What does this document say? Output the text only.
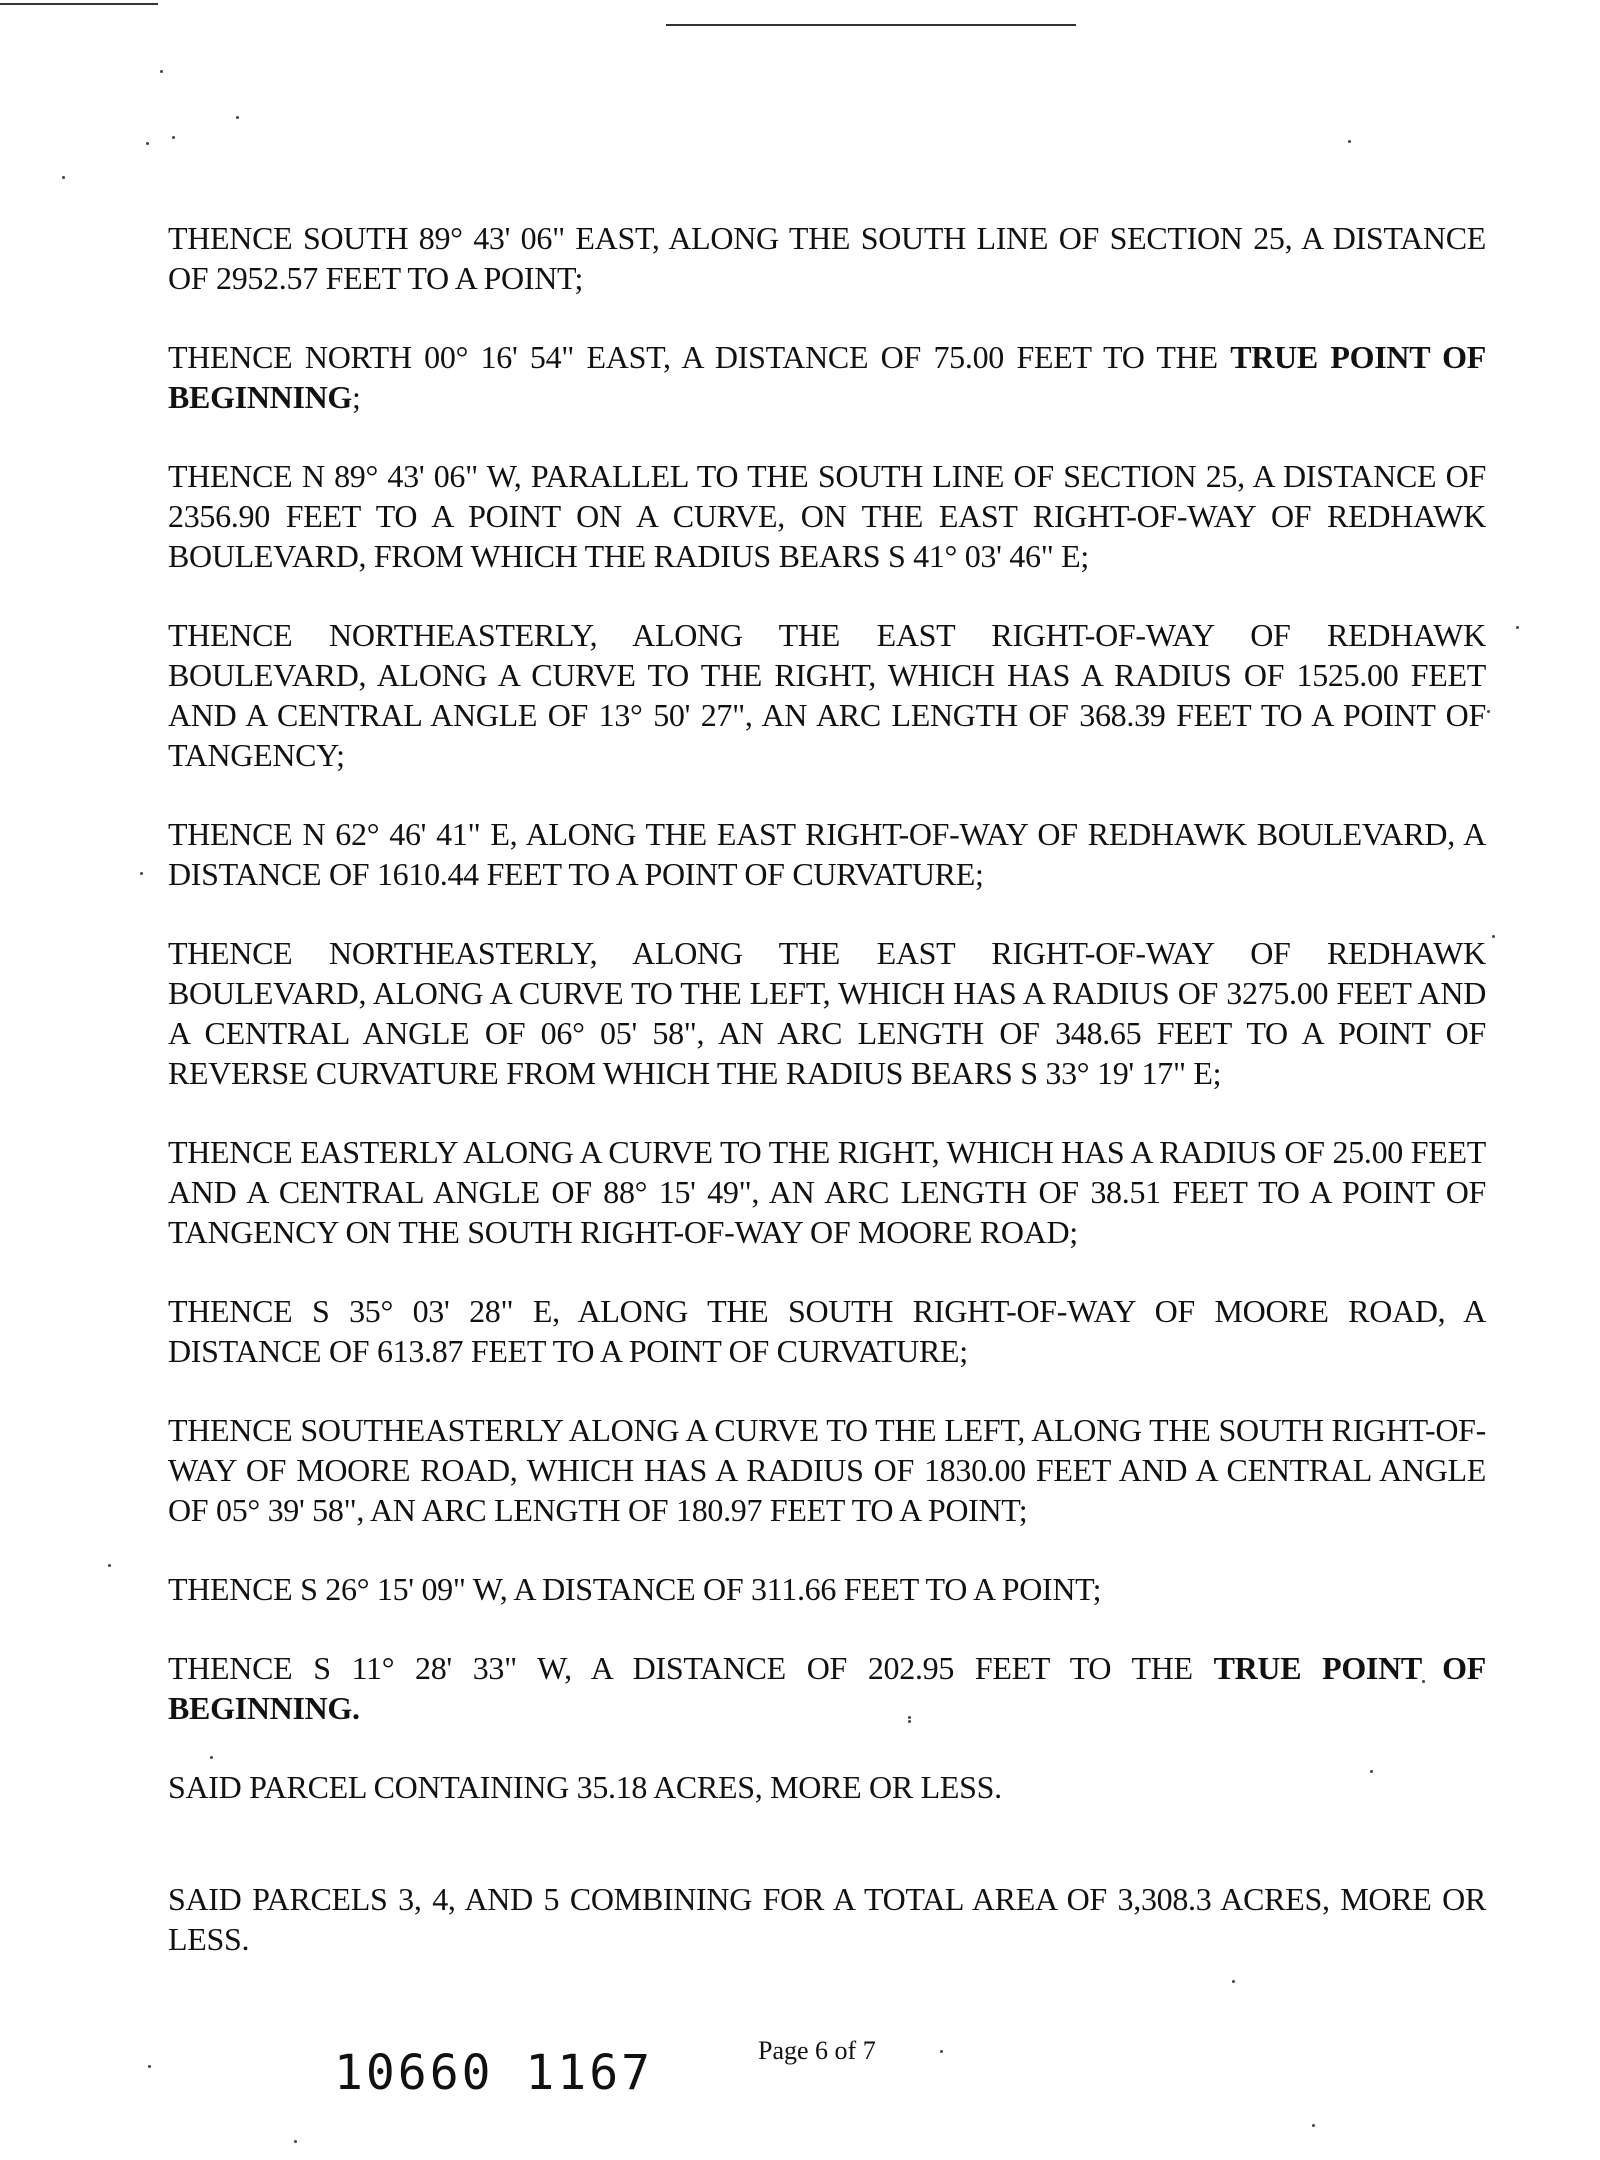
THENCE SOUTH 89° 43' 06" EAST, ALONG THE SOUTH LINE OF SECTION 25, A DISTANCE OF 2952.57 FEET TO A POINT;

THENCE NORTH 00° 16' 54" EAST, A DISTANCE OF 75.00 FEET TO THE TRUE POINT OF BEGINNING;

THENCE N 89° 43' 06" W, PARALLEL TO THE SOUTH LINE OF SECTION 25, A DISTANCE OF 2356.90 FEET TO A POINT ON A CURVE, ON THE EAST RIGHT-OF-WAY OF REDHAWK BOULEVARD, FROM WHICH THE RADIUS BEARS S 41° 03' 46" E;

THENCE NORTHEASTERLY, ALONG THE EAST RIGHT-OF-WAY OF REDHAWK BOULEVARD, ALONG A CURVE TO THE RIGHT, WHICH HAS A RADIUS OF 1525.00 FEET AND A CENTRAL ANGLE OF 13° 50' 27", AN ARC LENGTH OF 368.39 FEET TO A POINT OF TANGENCY;

THENCE N 62° 46' 41" E, ALONG THE EAST RIGHT-OF-WAY OF REDHAWK BOULEVARD, A DISTANCE OF 1610.44 FEET TO A POINT OF CURVATURE;

THENCE NORTHEASTERLY, ALONG THE EAST RIGHT-OF-WAY OF REDHAWK BOULEVARD, ALONG A CURVE TO THE LEFT, WHICH HAS A RADIUS OF 3275.00 FEET AND A CENTRAL ANGLE OF 06° 05' 58", AN ARC LENGTH OF 348.65 FEET TO A POINT OF REVERSE CURVATURE FROM WHICH THE RADIUS BEARS S 33° 19' 17" E;

THENCE EASTERLY ALONG A CURVE TO THE RIGHT, WHICH HAS A RADIUS OF 25.00 FEET AND A CENTRAL ANGLE OF 88° 15' 49", AN ARC LENGTH OF 38.51 FEET TO A POINT OF TANGENCY ON THE SOUTH RIGHT-OF-WAY OF MOORE ROAD;

THENCE S 35° 03' 28" E, ALONG THE SOUTH RIGHT-OF-WAY OF MOORE ROAD, A DISTANCE OF 613.87 FEET TO A POINT OF CURVATURE;

THENCE SOUTHEASTERLY ALONG A CURVE TO THE LEFT, ALONG THE SOUTH RIGHT-OF-WAY OF MOORE ROAD, WHICH HAS A RADIUS OF 1830.00 FEET AND A CENTRAL ANGLE OF 05° 39' 58", AN ARC LENGTH OF 180.97 FEET TO A POINT;

THENCE S 26° 15' 09" W, A DISTANCE OF 311.66 FEET TO A POINT;

THENCE S 11° 28' 33" W, A DISTANCE OF 202.95 FEET TO THE TRUE POINT OF BEGINNING.

SAID PARCEL CONTAINING 35.18 ACRES, MORE OR LESS.

SAID PARCELS 3, 4, AND 5 COMBINING FOR A TOTAL AREA OF 3,308.3 ACRES, MORE OR LESS.

10660 1167	Page 6 of 7
